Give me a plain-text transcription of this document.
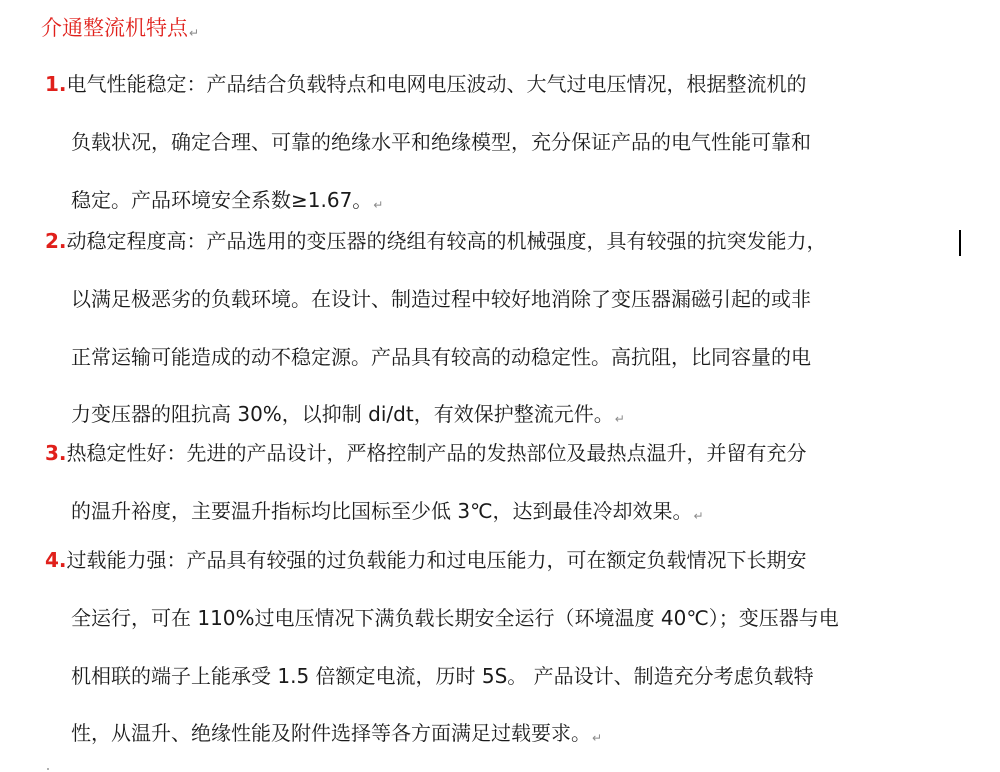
介通整流机特点↵
1.电气性能稳定：产品结合负载特点和电网电压波动、大气过电压情况，根据整流机的
负载状况，确定合理、可靠的绝缘水平和绝缘模型，充分保证产品的电气性能可靠和
稳定。产品环境安全系数≥1.67。↵
2.动稳定程度高：产品选用的变压器的绕组有较高的机械强度，具有较强的抗突发能力，
以满足极恶劣的负载环境。在设计、制造过程中较好地消除了变压器漏磁引起的或非
正常运输可能造成的动不稳定源。产品具有较高的动稳定性。高抗阻，比同容量的电
力变压器的阻抗高 30%，以抑制 di/dt，有效保护整流元件。↵
3.热稳定性好：先进的产品设计，严格控制产品的发热部位及最热点温升，并留有充分
的温升裕度，主要温升指标均比国标至少低 3℃，达到最佳冷却效果。↵
4.过载能力强：产品具有较强的过负载能力和过电压能力，可在额定负载情况下长期安
全运行，可在 110%过电压情况下满负载长期安全运行（环境温度 40℃）；变压器与电
机相联的端子上能承受 1.5 倍额定电流，历时 5S。 产品设计、制造充分考虑负载特
性，从温升、绝缘性能及附件选择等各方面满足过载要求。↵
